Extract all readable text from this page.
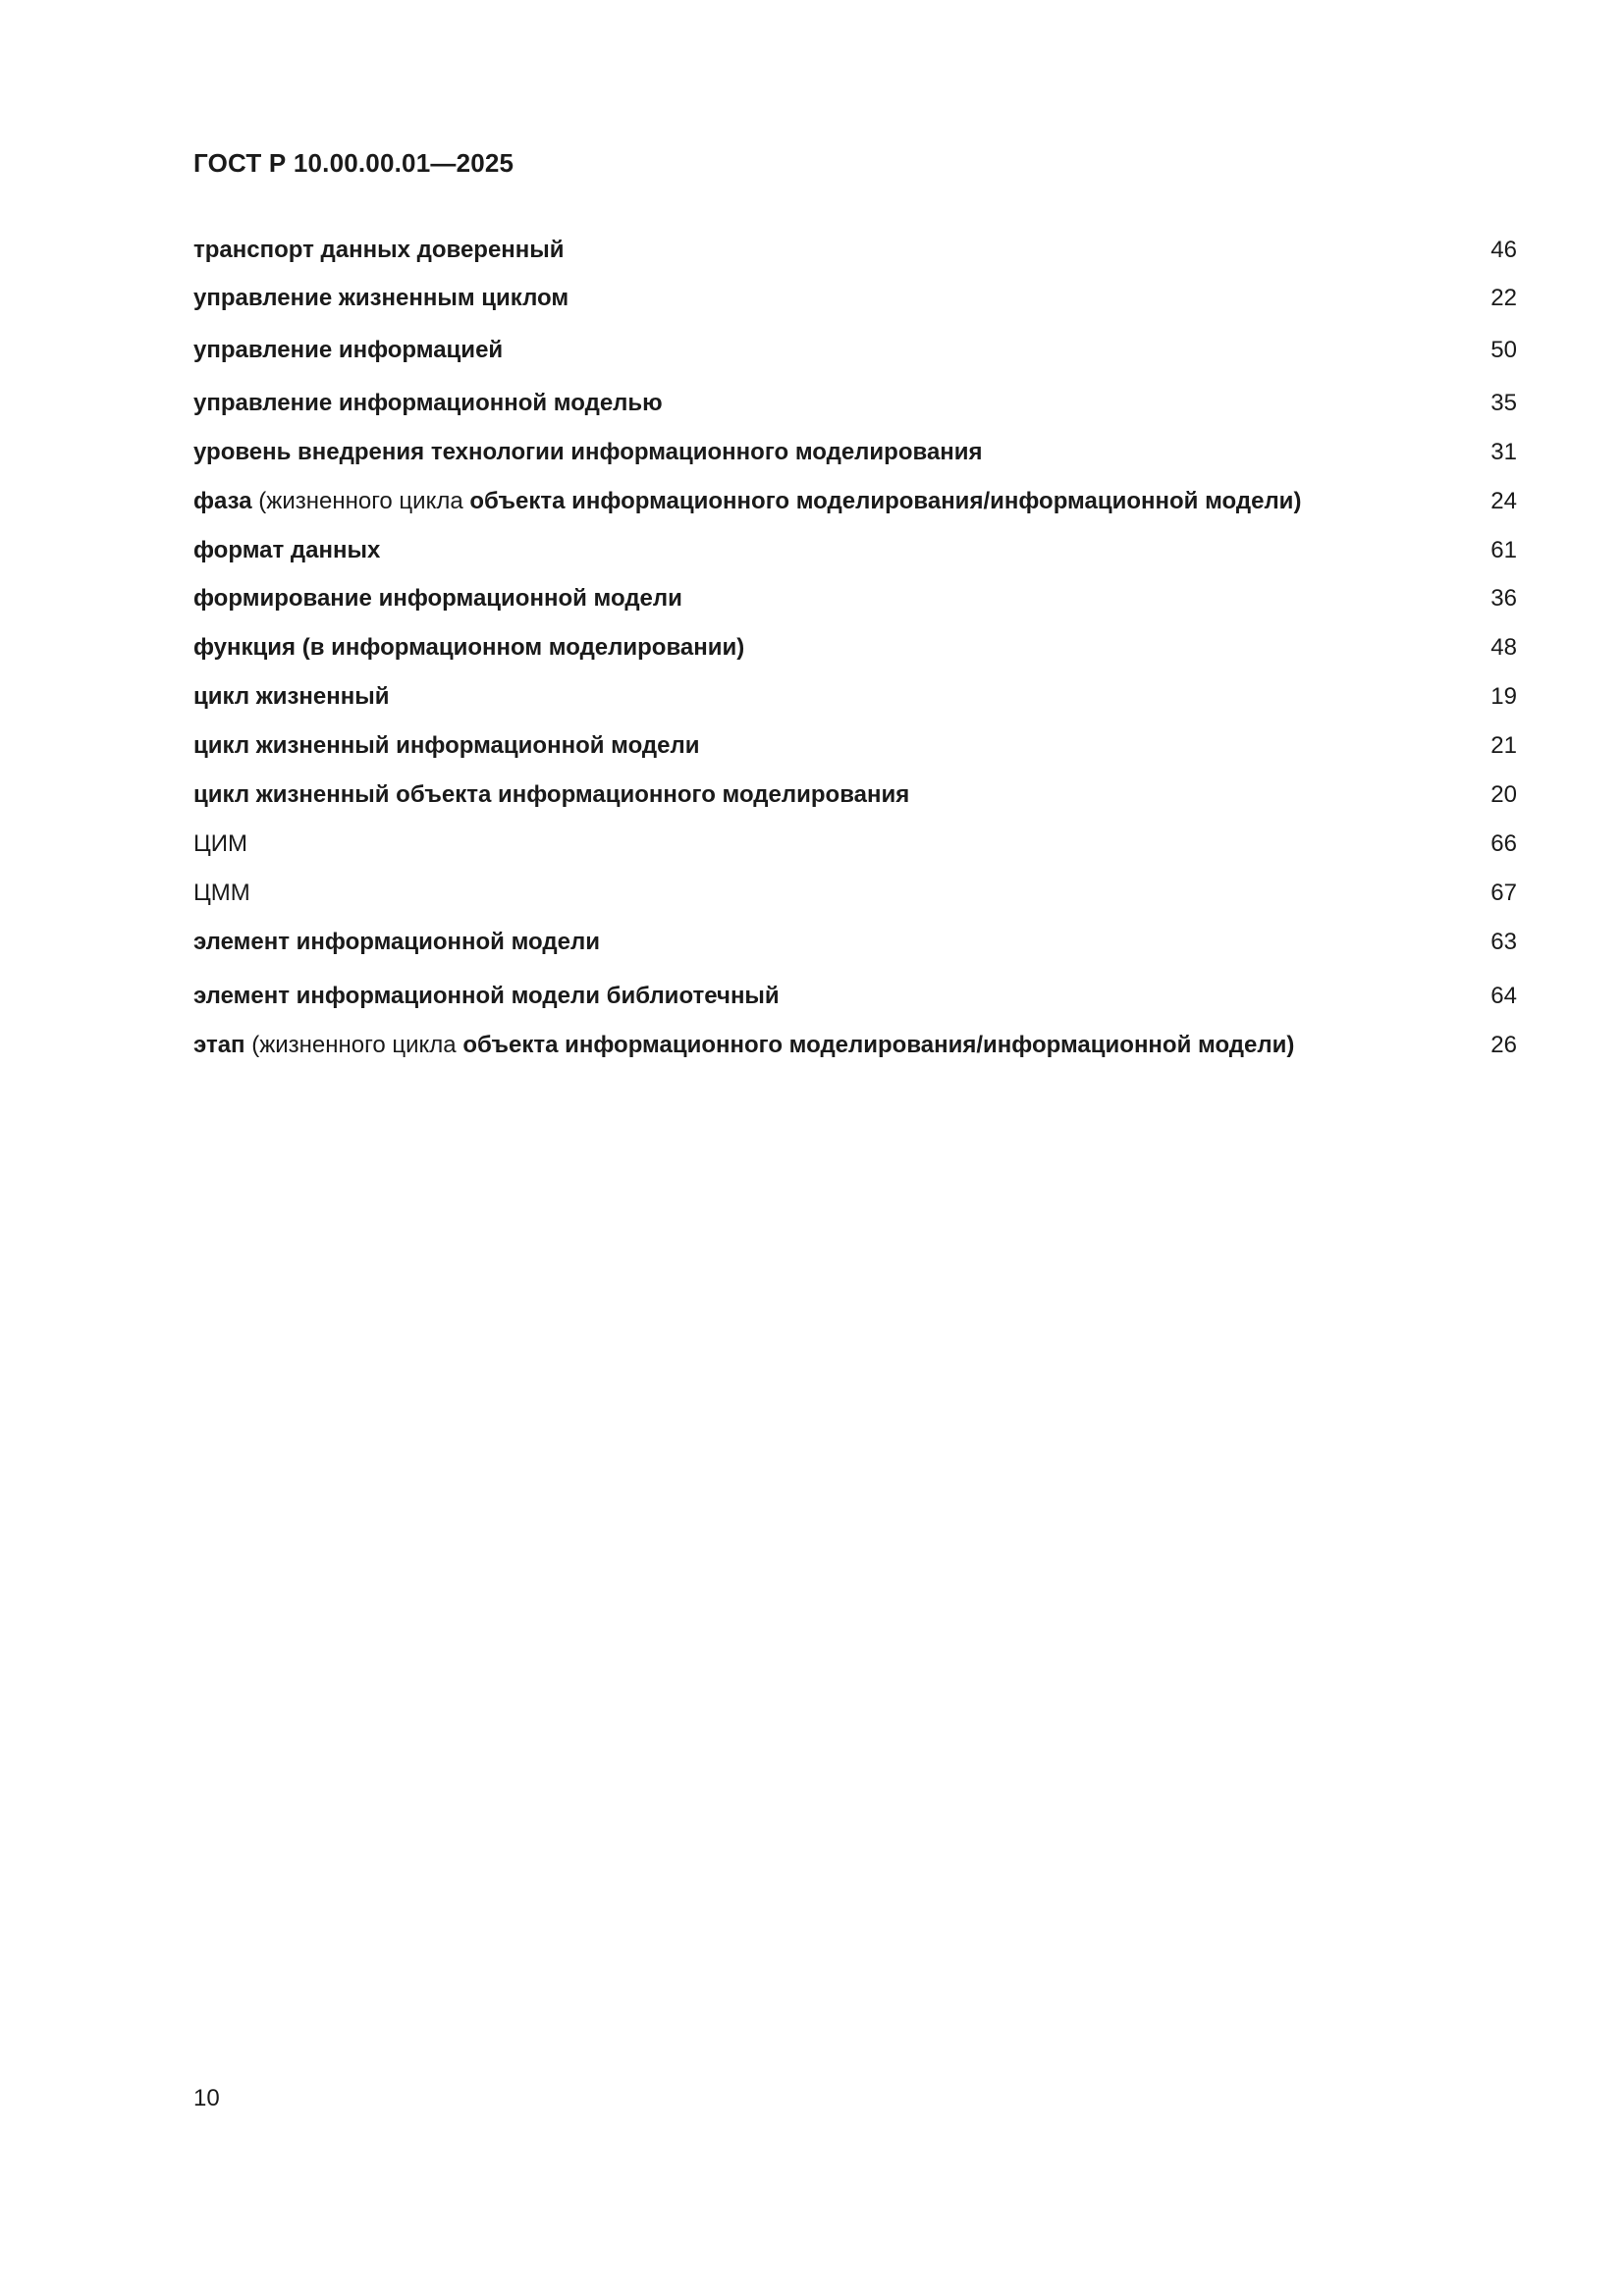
ГОСТ Р 10.00.00.01—2025
транспорт данных доверенный	46
управление жизненным циклом	22
управление информацией	50
управление информационной моделью	35
уровень внедрения технологии информационного моделирования	31
фаза (жизненного цикла объекта информационного моделирования/информационной модели)	24
формат данных	61
формирование информационной модели	36
функция (в информационном моделировании)	48
цикл жизненный	19
цикл жизненный информационной модели	21
цикл жизненный объекта информационного моделирования	20
ЦИМ	66
ЦММ	67
элемент информационной модели	63
элемент информационной модели библиотечный	64
этап (жизненного цикла объекта информационного моделирования/информационной модели)	26
10
